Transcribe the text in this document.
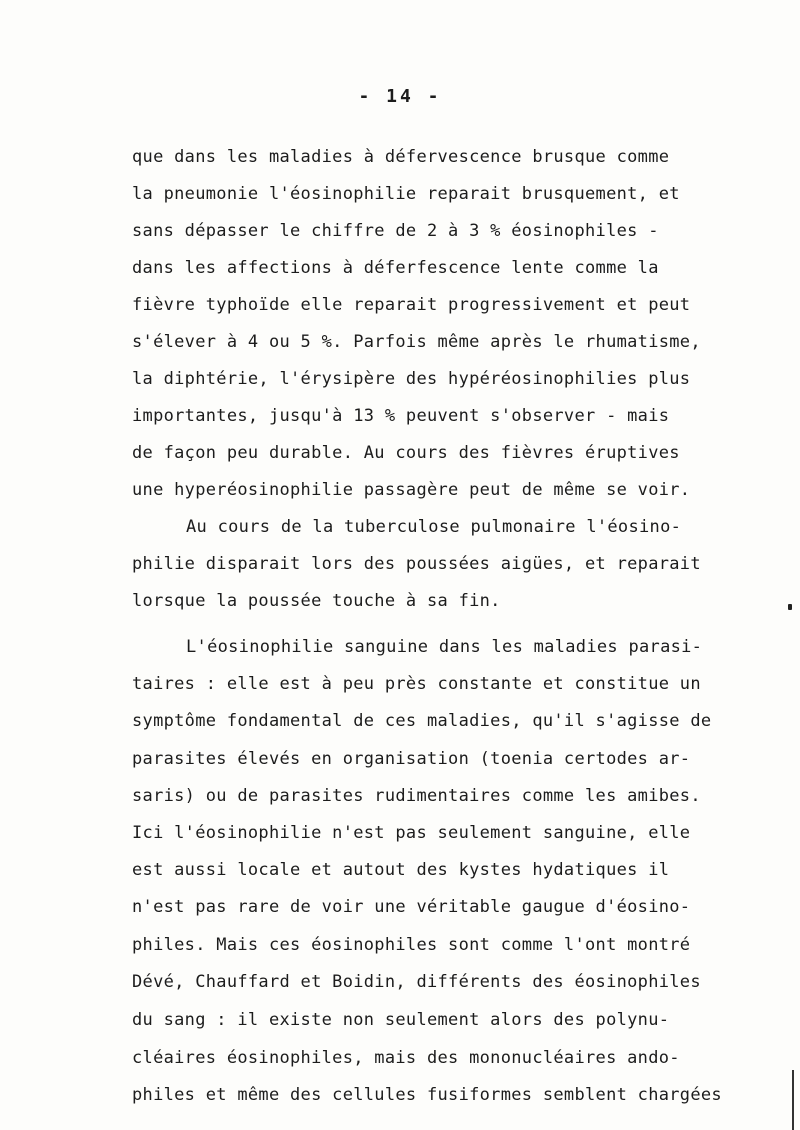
- 14 -
que dans les maladies à défervescence brusque comme
la pneumonie l'éosinophilie reparait brusquement, et
sans dépasser le chiffre de 2 à 3 % éosinophiles -
dans les affections à déferfescence lente comme la
fièvre typhoïde elle reparait progressivement et peut
s'élever à 4 ou 5 %. Parfois même après le rhumatisme,
la diphtérie, l'érysipère des hypéréosinophilies plus
importantes, jusqu'à 13 % peuvent s'observer - mais
de façon peu durable. Au cours des fièvres éruptives
une hyperéosinophilie passagère peut de même se voir.
Au cours de la tuberculose pulmonaire l'éosino-
philie disparait lors des poussées aigües, et reparait
lorsque la poussée touche à sa fin.
L'éosinophilie sanguine dans les maladies parasi-
taires : elle est à peu près constante et constitue un
symptôme fondamental de ces maladies, qu'il s'agisse de
parasites élevés en organisation (toenia certodes ar-
saris) ou de parasites rudimentaires comme les amibes.
Ici l'éosinophilie n'est pas seulement sanguine, elle
est aussi locale et autout des kystes hydatiques il
n'est pas rare de voir une véritable gaugue d'éosino-
philes. Mais ces éosinophiles sont comme l'ont montré
Dévé, Chauffard et Boidin, différents des éosinophiles
du sang : il existe non seulement alors des polynu-
cléaires éosinophiles, mais des mononucléaires ando-
philes et même des cellules fusiformes semblent chargées
